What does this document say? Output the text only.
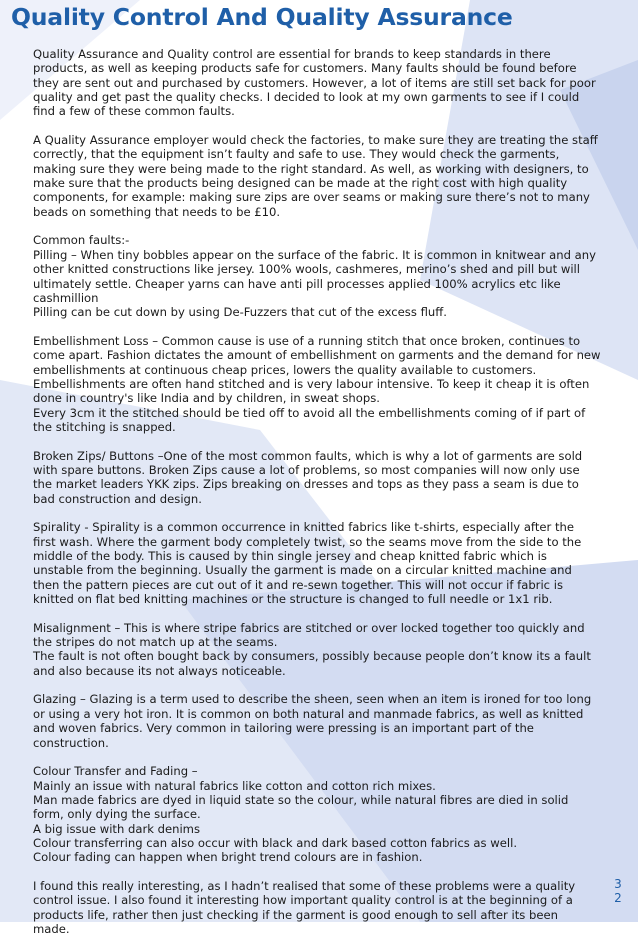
Quality Control And Quality Assurance
Quality Assurance and Quality control are essential for brands to keep standards in there
products, as well as keeping products safe for customers. Many faults should be found before
they are sent out and purchased by customers. However, a lot of items are still set back for poor
quality and get past the quality checks. I decided to look at my own garments to see if I could
find a few of these common faults.
A Quality Assurance employer would check the factories, to make sure they are treating the staff
correctly, that the equipment isn’t faulty and safe to use. They would check the garments,
making sure they were being made to the right standard. As well, as working with designers, to
make sure that the products being designed can be made at the right cost with high quality
components, for example: making sure zips are over seams or making sure there’s not to many
beads on something that needs to be £10.
Common faults:-
Pilling – When tiny bobbles appear on the surface of the fabric. It is common in knitwear and any
other knitted constructions like jersey. 100% wools, cashmeres, merino’s shed and pill but will
ultimately settle. Cheaper yarns can have anti pill processes applied 100% acrylics etc like
cashmillion
Pilling can be cut down by using De-Fuzzers that cut of the excess fluff.
Embellishment Loss – Common cause is use of a running stitch that once broken, continues to
come apart. Fashion dictates the amount of embellishment on garments and the demand for new
embellishments at continuous cheap prices, lowers the quality available to customers.
Embellishments are often hand stitched and is very labour intensive. To keep it cheap it is often
done in country's like India and by children, in sweat shops.
Every 3cm it the stitched should be tied off to avoid all the embellishments coming of if part of
the stitching is snapped.
Broken Zips/ Buttons –One of the most common faults, which is why a lot of garments are sold
with spare buttons. Broken Zips cause a lot of problems, so most companies will now only use
the market leaders YKK zips. Zips breaking on dresses and tops as they pass a seam is due to
bad construction and design.
Spirality - Spirality is a common occurrence in knitted fabrics like t-shirts, especially after the
first wash. Where the garment body completely twist, so the seams move from the side to the
middle of the body. This is caused by thin single jersey and cheap knitted fabric which is
unstable from the beginning. Usually the garment is made on a circular knitted machine and
then the pattern pieces are cut out of it and re-sewn together. This will not occur if fabric is
knitted on flat bed knitting machines or the structure is changed to full needle or 1x1 rib.
Misalignment – This is where stripe fabrics are stitched or over locked together too quickly and
the stripes do not match up at the seams.
The fault is not often bought back by consumers, possibly because people don’t know its a fault
and also because its not always noticeable.
Glazing – Glazing is a term used to describe the sheen, seen when an item is ironed for too long
or using a very hot iron. It is common on both natural and manmade fabrics, as well as knitted
and woven fabrics. Very common in tailoring were pressing is an important part of the
construction.
Colour Transfer and Fading –
Mainly an issue with natural fabrics like cotton and cotton rich mixes.
Man made fabrics are dyed in liquid state so the colour, while natural fibres are died in solid
form, only dying the surface.
A big issue with dark denims
Colour transferring can also occur with black and dark based cotton fabrics as well.
Colour fading can happen when bright trend colours are in fashion.
I found this really interesting, as I hadn’t realised that some of these problems were a quality
control issue. I also found it interesting how important quality control is at the beginning of a
products life, rather then just checking if the garment is good enough to sell after its been
made.
3
2
